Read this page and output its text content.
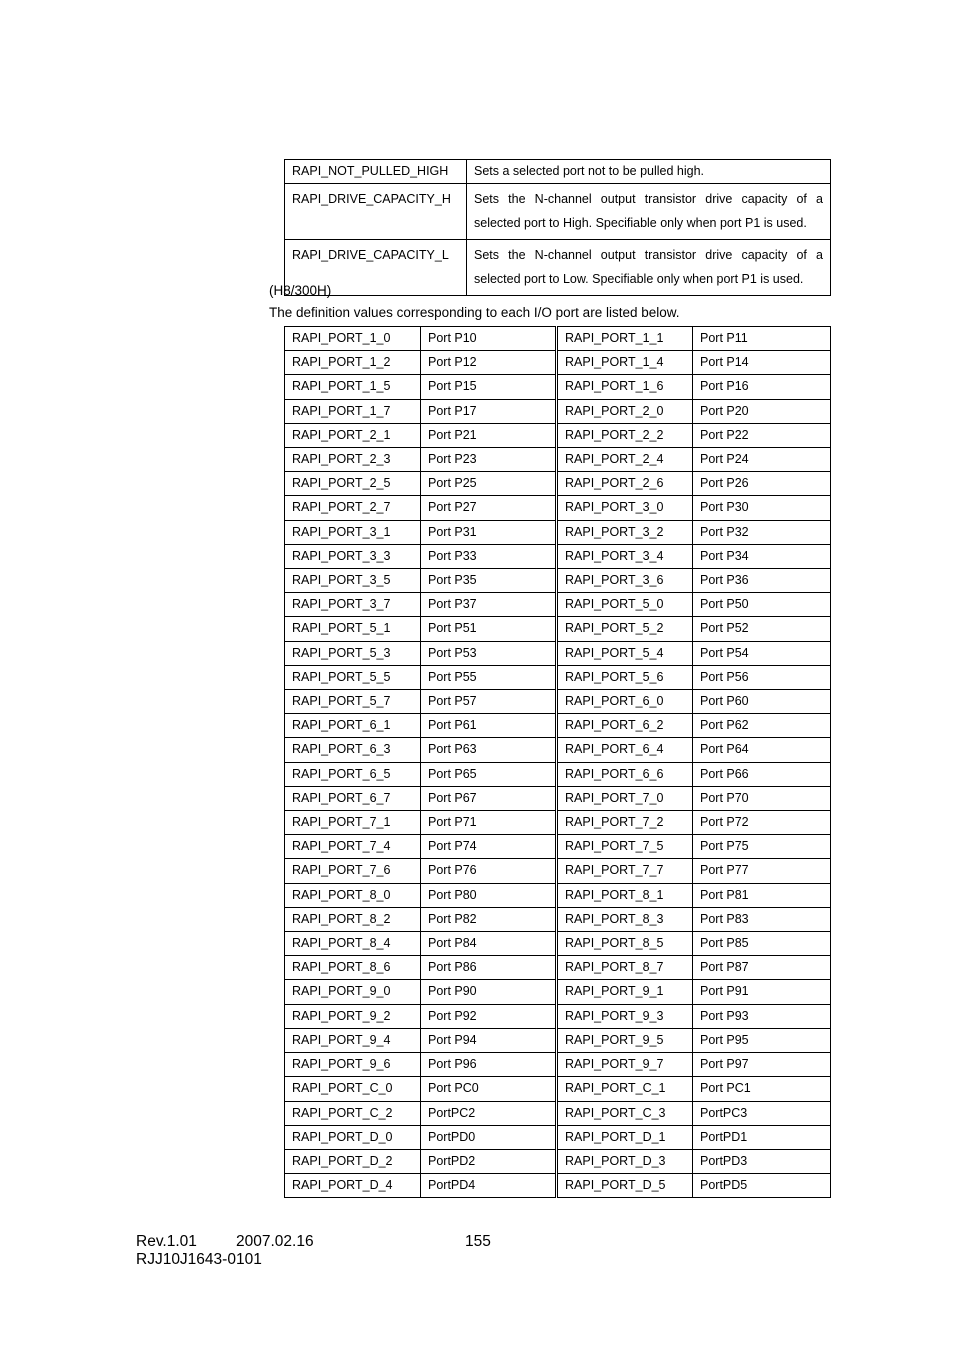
RAPI_NOT_PULLED_HIGH	Sets a selected port not to be pulled high.
RAPI_DRIVE_CAPACITY_H	Sets the N-channel output transistor drive capacity of a selected port to High. Specifiable only when port P1 is used.
RAPI_DRIVE_CAPACITY_L	Sets the N-channel output transistor drive capacity of a selected port to Low. Specifiable only when port P1 is used.
(H8/300H)
The definition values corresponding to each I/O port are listed below.
RAPI_PORT_1_0	Port P10	RAPI_PORT_1_1	Port P11
RAPI_PORT_1_2	Port P12	RAPI_PORT_1_4	Port P14
RAPI_PORT_1_5	Port P15	RAPI_PORT_1_6	Port P16
RAPI_PORT_1_7	Port P17	RAPI_PORT_2_0	Port P20
RAPI_PORT_2_1	Port P21	RAPI_PORT_2_2	Port P22
RAPI_PORT_2_3	Port P23	RAPI_PORT_2_4	Port P24
RAPI_PORT_2_5	Port P25	RAPI_PORT_2_6	Port P26
RAPI_PORT_2_7	Port P27	RAPI_PORT_3_0	Port P30
RAPI_PORT_3_1	Port P31	RAPI_PORT_3_2	Port P32
RAPI_PORT_3_3	Port P33	RAPI_PORT_3_4	Port P34
RAPI_PORT_3_5	Port P35	RAPI_PORT_3_6	Port P36
RAPI_PORT_3_7	Port P37	RAPI_PORT_5_0	Port P50
RAPI_PORT_5_1	Port P51	RAPI_PORT_5_2	Port P52
RAPI_PORT_5_3	Port P53	RAPI_PORT_5_4	Port P54
RAPI_PORT_5_5	Port P55	RAPI_PORT_5_6	Port P56
RAPI_PORT_5_7	Port P57	RAPI_PORT_6_0	Port P60
RAPI_PORT_6_1	Port P61	RAPI_PORT_6_2	Port P62
RAPI_PORT_6_3	Port P63	RAPI_PORT_6_4	Port P64
RAPI_PORT_6_5	Port P65	RAPI_PORT_6_6	Port P66
RAPI_PORT_6_7	Port P67	RAPI_PORT_7_0	Port P70
RAPI_PORT_7_1	Port P71	RAPI_PORT_7_2	Port P72
RAPI_PORT_7_4	Port P74	RAPI_PORT_7_5	Port P75
RAPI_PORT_7_6	Port P76	RAPI_PORT_7_7	Port P77
RAPI_PORT_8_0	Port P80	RAPI_PORT_8_1	Port P81
RAPI_PORT_8_2	Port P82	RAPI_PORT_8_3	Port P83
RAPI_PORT_8_4	Port P84	RAPI_PORT_8_5	Port P85
RAPI_PORT_8_6	Port P86	RAPI_PORT_8_7	Port P87
RAPI_PORT_9_0	Port P90	RAPI_PORT_9_1	Port P91
RAPI_PORT_9_2	Port P92	RAPI_PORT_9_3	Port P93
RAPI_PORT_9_4	Port P94	RAPI_PORT_9_5	Port P95
RAPI_PORT_9_6	Port P96	RAPI_PORT_9_7	Port P97
RAPI_PORT_C_0	Port PC0	RAPI_PORT_C_1	Port PC1
RAPI_PORT_C_2	PortPC2	RAPI_PORT_C_3	PortPC3
RAPI_PORT_D_0	PortPD0	RAPI_PORT_D_1	PortPD1
RAPI_PORT_D_2	PortPD2	RAPI_PORT_D_3	PortPD3
RAPI_PORT_D_4	PortPD4	RAPI_PORT_D_5	PortPD5
Rev.1.01	2007.02.16	155
RJJ10J1643-0101
